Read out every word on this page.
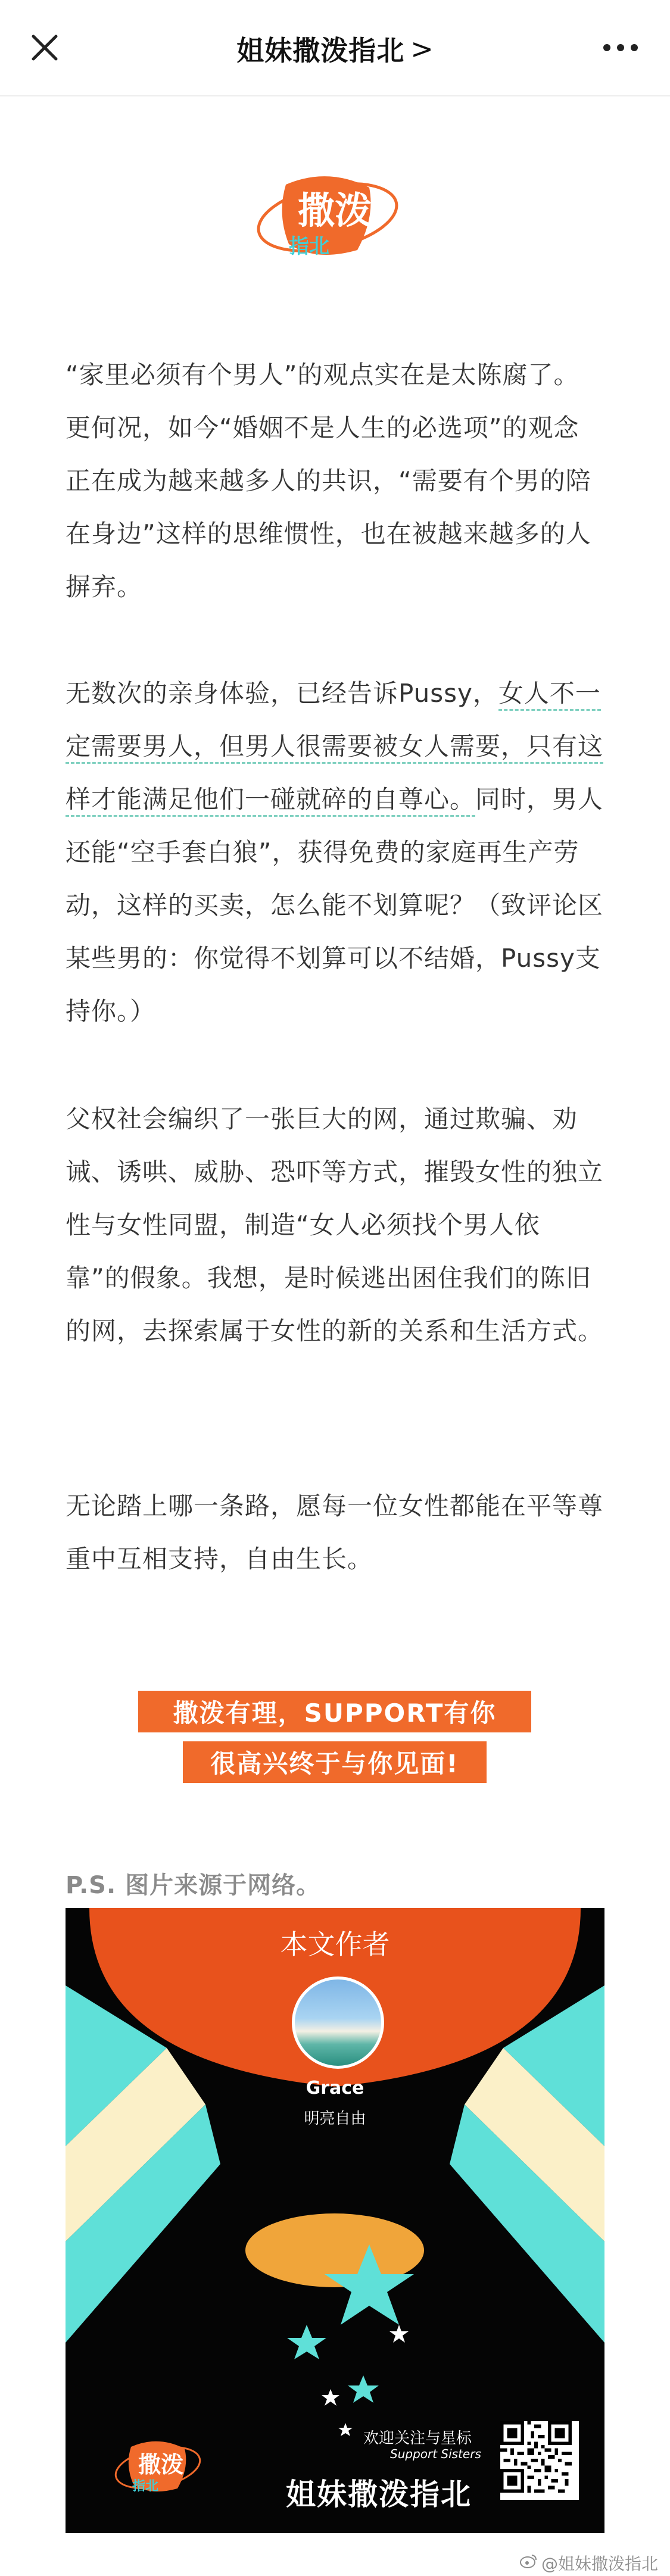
姐妹撒泼指北 >
撒泼
指北

“家里必须有个男人”的观点实在是太陈腐了。更何况，如今“婚姻不是人生的必选项”的观念正在成为越来越多人的共识，“需要有个男的陪在身边”这样的思维惯性，也在被越来越多的人摒弃。

无数次的亲身体验，已经告诉Pussy，女人不一定需要男人，但男人很需要被女人需要，只有这样才能满足他们一碰就碎的自尊心。同时，男人还能“空手套白狼”，获得免费的家庭再生产劳动，这样的买卖，怎么能不划算呢？（致评论区某些男的：你觉得不划算可以不结婚，Pussy支持你。）

父权社会编织了一张巨大的网，通过欺骗、劝诫、诱哄、威胁、恐吓等方式，摧毁女性的独立性与女性同盟，制造“女人必须找个男人依靠”的假象。我想，是时候逃出困住我们的陈旧的网，去探索属于女性的新的关系和生活方式。

无论踏上哪一条路，愿每一位女性都能在平等尊重中互相支持，自由生长。

撒泼有理，SUPPORT有你
很高兴终于与你见面!
P.S. 图片来源于网络。
本文作者
Grace
明亮自由
撒泼
指北
欢迎关注与星标
Support Sisters
姐妹撒泼指北
@姐妹撒泼指北
